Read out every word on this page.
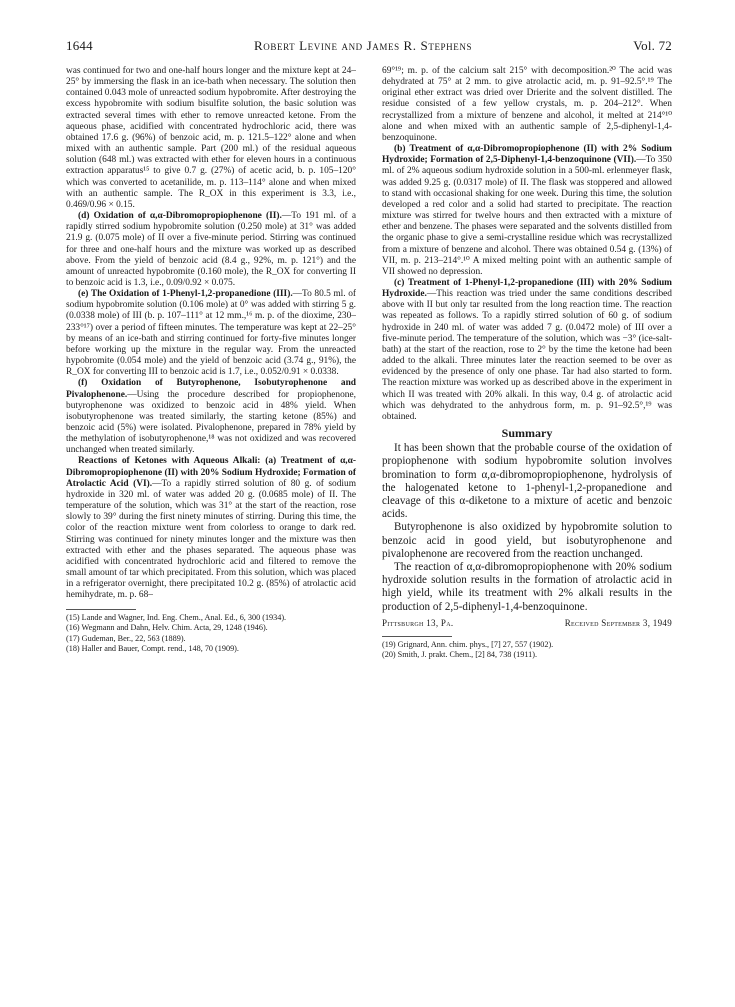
1644	Robert Levine and James R. Stephens	Vol. 72

was continued for two and one-half hours longer and the mixture kept at 24–25° by immersing the flask in an ice-bath when necessary. The solution then contained 0.043 mole of unreacted sodium hypobromite. After destroying the excess hypobromite with sodium bisulfite solution, the basic solution was extracted several times with ether to remove unreacted ketone. From the aqueous phase, acidified with concentrated hydrochloric acid, there was obtained 17.6 g. (96%) of benzoic acid, m. p. 121.5–122° alone and when mixed with an authentic sample. Part (200 ml.) of the residual aqueous solution (648 ml.) was extracted with ether for eleven hours in a continuous extraction apparatus¹⁵ to give 0.7 g. (27%) of acetic acid, b. p. 105–120° which was converted to acetanilide, m. p. 113–114° alone and when mixed with an authentic sample. The R_OX in this experiment is 3.3, i.e., 0.469/0.96 × 0.15.

(d) Oxidation of α,α-Dibromopropiophenone (II).—To 191 ml. of a rapidly stirred sodium hypobromite solution (0.250 mole) at 31° was added 21.9 g. (0.075 mole) of II over a five-minute period. Stirring was continued for three and one-half hours and the mixture was worked up as described above. From the yield of benzoic acid (8.4 g., 92%, m. p. 121°) and the amount of unreacted hypobromite (0.160 mole), the R_OX for converting II to benzoic acid is 1.3, i.e., 0.09/0.92 × 0.075.

(e) The Oxidation of 1-Phenyl-1,2-propanedione (III).—To 80.5 ml. of sodium hypobromite solution (0.106 mole) at 0° was added with stirring 5 g. (0.0338 mole) of III (b. p. 107–111° at 12 mm.,¹⁶ m. p. of the dioxime, 230–233°¹⁷) over a period of fifteen minutes. The temperature was kept at 22–25° by means of an ice-bath and stirring continued for forty-five minutes longer before working up the mixture in the regular way. From the unreacted hypobromite (0.054 mole) and the yield of benzoic acid (3.74 g., 91%), the R_OX for converting III to benzoic acid is 1.7, i.e., 0.052/0.91 × 0.0338.

(f) Oxidation of Butyrophenone, Isobutyrophenone and Pivalophenone.—Using the procedure described for propiophenone, butyrophenone was oxidized to benzoic acid in 48% yield. When isobutyrophenone was treated similarly, the starting ketone (85%) and benzoic acid (5%) were isolated. Pivalophenone, prepared in 78% yield by the methylation of isobutyrophenone,¹⁸ was not oxidized and was recovered unchanged when treated similarly.

Reactions of Ketones with Aqueous Alkali: (a) Treatment of α,α-Dibromopropiophenone (II) with 20% Sodium Hydroxide; Formation of Atrolactic Acid (VI).—To a rapidly stirred solution of 80 g. of sodium hydroxide in 320 ml. of water was added 20 g. (0.0685 mole) of II. The temperature of the solution, which was 31° at the start of the reaction, rose slowly to 39° during the first ninety minutes of stirring. During this time, the color of the reaction mixture went from colorless to orange to dark red. Stirring was continued for ninety minutes longer and the mixture was then extracted with ether and the phases separated. The aqueous phase was acidified with concentrated hydrochloric acid and filtered to remove the small amount of tar which precipitated. From this solution, which was placed in a refrigerator overnight, there precipitated 10.2 g. (85%) of atrolactic acid hemihydrate, m. p. 68–

(15) Lande and Wagner, Ind. Eng. Chem., Anal. Ed., 6, 300 (1934).
(16) Wegmann and Dahn, Helv. Chim. Acta, 29, 1248 (1946).
(17) Gudeman, Ber., 22, 563 (1889).
(18) Haller and Bauer, Compt. rend., 148, 70 (1909).

69°¹⁹; m. p. of the calcium salt 215° with decomposition.²⁰ The acid was dehydrated at 75° at 2 mm. to give atrolactic acid, m. p. 91–92.5°.¹⁹ The original ether extract was dried over Drierite and the solvent distilled. The residue consisted of a few yellow crystals, m. p. 204–212°. When recrystallized from a mixture of benzene and alcohol, it melted at 214°¹⁰ alone and when mixed with an authentic sample of 2,5-diphenyl-1,4-benzoquinone.

(b) Treatment of α,α-Dibromopropiophenone (II) with 2% Sodium Hydroxide; Formation of 2,5-Diphenyl-1,4-benzoquinone (VII).—To 350 ml. of 2% aqueous sodium hydroxide solution in a 500-ml. erlenmeyer flask, was added 9.25 g. (0.0317 mole) of II. The flask was stoppered and allowed to stand with occasional shaking for one week. During this time, the solution developed a red color and a solid had started to precipitate. The reaction mixture was stirred for twelve hours and then extracted with a mixture of ether and benzene. The phases were separated and the solvents distilled from the organic phase to give a semi-crystalline residue which was recrystallized from a mixture of benzene and alcohol. There was obtained 0.54 g. (13%) of VII, m. p. 213–214°.¹⁰ A mixed melting point with an authentic sample of VII showed no depression.

(c) Treatment of 1-Phenyl-1,2-propanedione (III) with 20% Sodium Hydroxide.—This reaction was tried under the same conditions described above with II but only tar resulted from the long reaction time. The reaction was repeated as follows. To a rapidly stirred solution of 60 g. of sodium hydroxide in 240 ml. of water was added 7 g. (0.0472 mole) of III over a five-minute period. The temperature of the solution, which was −3° (ice-salt-bath) at the start of the reaction, rose to 2° by the time the ketone had been added to the alkali. Three minutes later the reaction seemed to be over as evidenced by the presence of only one phase. Tar had also started to form. The reaction mixture was worked up as described above in the experiment in which II was treated with 20% alkali. In this way, 0.4 g. of atrolactic acid which was dehydrated to the anhydrous form, m. p. 91–92.5°,¹⁹ was obtained.

Summary

It has been shown that the probable course of the oxidation of propiophenone with sodium hypobromite solution involves bromination to form α,α-dibromopropiophenone, hydrolysis of the halogenated ketone to 1-phenyl-1,2-propanedione and cleavage of this α-diketone to a mixture of acetic and benzoic acids.

Butyrophenone is also oxidized by hypobromite solution to benzoic acid in good yield, but isobutyrophenone and pivalophenone are recovered from the reaction unchanged.

The reaction of α,α-dibromopropiophenone with 20% sodium hydroxide solution results in the formation of atrolactic acid in high yield, while its treatment with 2% alkali results in the production of 2,5-diphenyl-1,4-benzoquinone.

Pittsburgh 13, Pa.	Received September 3, 1949
(19) Grignard, Ann. chim. phys., [7] 27, 557 (1902).
(20) Smith, J. prakt. Chem., [2] 84, 738 (1911).
